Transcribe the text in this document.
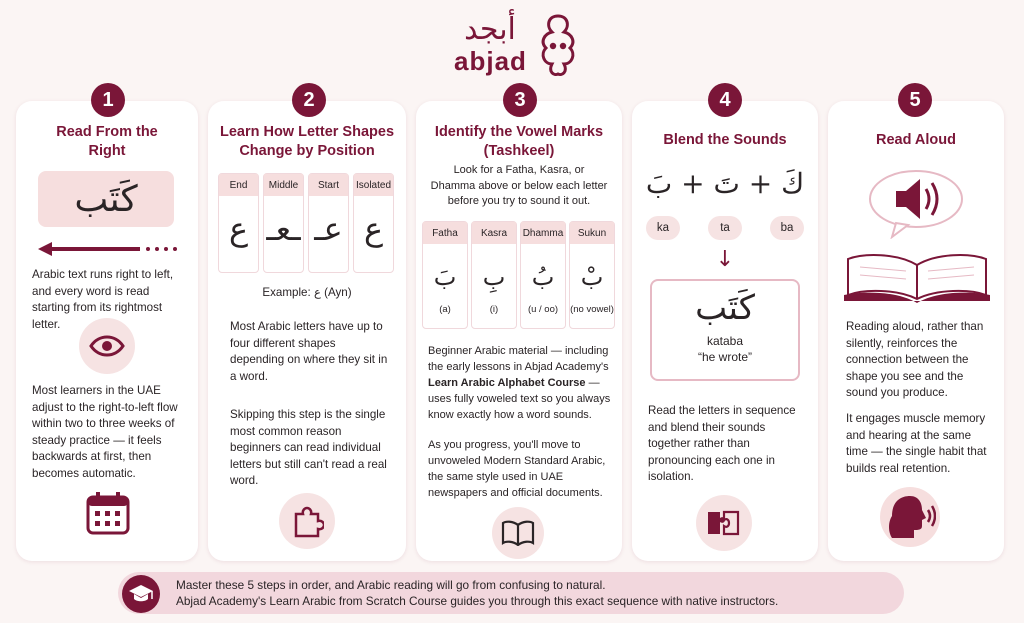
أبجد
abjad
1
Read From the Right
كَتَب
Arabic text runs right to left, and every word is read starting from its rightmost letter.
Most learners in the UAE adjust to the right-to-left flow within two to three weeks of steady practice — it feels backwards at first, then becomes automatic.
2
Learn How Letter Shapes Change by Position
End
ع
Middle
ـعـ
Start
عـ
Isolated
ع
Example: ع (Ayn)
Most Arabic letters have up to four different shapes depending on where they sit in a word.
Skipping this step is the single most common reason beginners can read individual letters but still can't read a real word.
3
Identify the Vowel Marks (Tashkeel)
Look for a Fatha, Kasra, or Dhamma above or below each letter before you try to sound it out.
Fatha
بَ
(a)
Kasra
بِ
(i)
Dhamma
بُ
(u / oo)
Sukun
بْ
(no vowel)
Beginner Arabic material — including the early lessons in Abjad Academy's Learn Arabic Alphabet Course — uses fully voweled text so you always know exactly how a word sounds.
As you progress, you'll move to unvoweled Modern Standard Arabic, the same style used in UAE newspapers and official documents.
4
Blend the Sounds
كَ + تَ + بَ
ka	ta	ba
↓
كَتَب
kataba
“he wrote”
Read the letters in sequence and blend their sounds together rather than pronouncing each one in isolation.
5
Read Aloud
Reading aloud, rather than silently, reinforces the connection between the shape you see and the sound you produce.
It engages muscle memory and hearing at the same time — the single habit that builds real retention.
Master these 5 steps in order, and Arabic reading will go from confusing to natural.
Abjad Academy's Learn Arabic from Scratch Course guides you through this exact sequence with native instructors.
